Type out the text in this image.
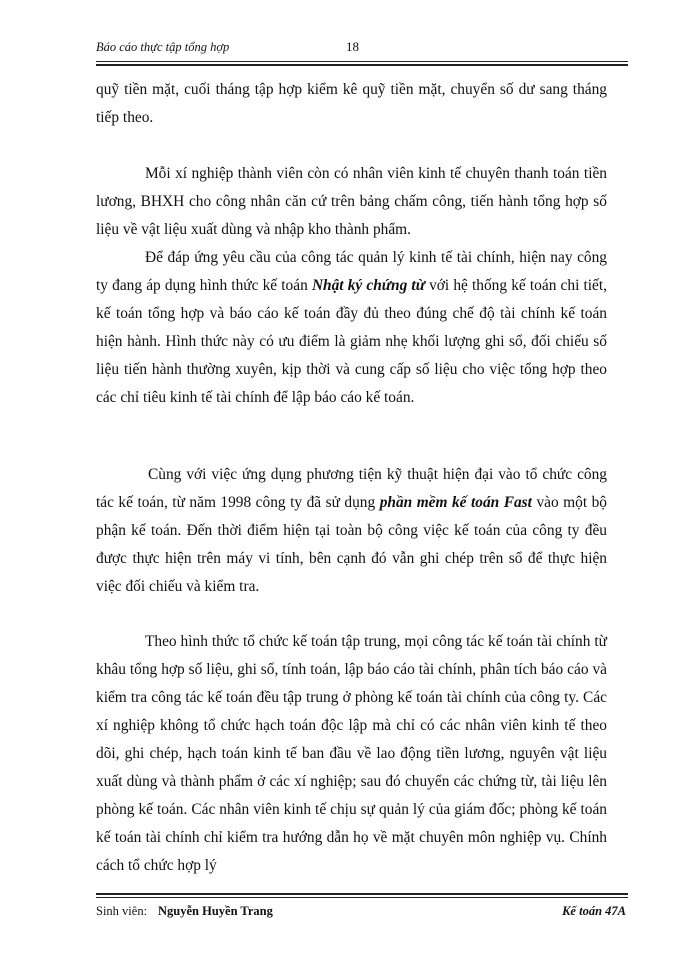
Báo cáo thực tập tổng hợp	18

quỹ tiền mặt, cuối tháng tập hợp kiểm kê quỹ tiền mặt, chuyển số dư sang tháng tiếp theo.

Mỗi xí nghiệp thành viên còn có nhân viên kinh tế chuyên thanh toán tiền lương, BHXH cho công nhân căn cứ trên bảng chấm công, tiến hành tổng hợp số liệu về vật liệu xuất dùng và nhập kho thành phẩm.

Để đáp ứng yêu cầu của công tác quản lý kinh tế tài chính, hiện nay công ty đang áp dụng hình thức kế toán Nhật ký chứng từ với hệ thống kế toán chi tiết, kế toán tổng hợp và báo cáo kế toán đầy đủ theo đúng chế độ tài chính kế toán hiện hành. Hình thức này có ưu điểm là giảm nhẹ khối lượng ghi sổ, đối chiếu số liệu tiến hành thường xuyên, kịp thời và cung cấp số liệu cho việc tổng hợp theo các chỉ tiêu kinh tế tài chính để lập báo cáo kế toán.

Cùng với việc ứng dụng phương tiện kỹ thuật hiện đại vào tổ chức công tác kế toán, từ năm 1998 công ty đã sử dụng phần mềm kế toán Fast vào một bộ phận kế toán. Đến thời điểm hiện tại toàn bộ công việc kế toán của công ty đều được thực hiện trên máy vi tính, bên cạnh đó vẫn ghi chép trên sổ để thực hiện việc đối chiếu và kiểm tra.

Theo hình thức tổ chức kế toán tập trung, mọi công tác kế toán tài chính từ khâu tổng hợp số liệu, ghi sổ, tính toán, lập báo cáo tài chính, phân tích báo cáo và kiểm tra công tác kế toán đều tập trung ở phòng kế toán tài chính của công ty. Các xí nghiệp không tổ chức hạch toán độc lập mà chỉ có các nhân viên kinh tế theo dõi, ghi chép, hạch toán kinh tế ban đầu về lao động tiền lương, nguyên vật liệu xuất dùng và thành phẩm ở các xí nghiệp; sau đó chuyển các chứng từ, tài liệu lên phòng kế toán. Các nhân viên kinh tế chịu sự quản lý của giám đốc; phòng kế toán kế toán tài chính chỉ kiểm tra hướng dẫn họ về mặt chuyên môn nghiệp vụ. Chính cách tổ chức hợp lý

Sinh viên: Nguyễn Huyền Trang	Kế toán 47A
